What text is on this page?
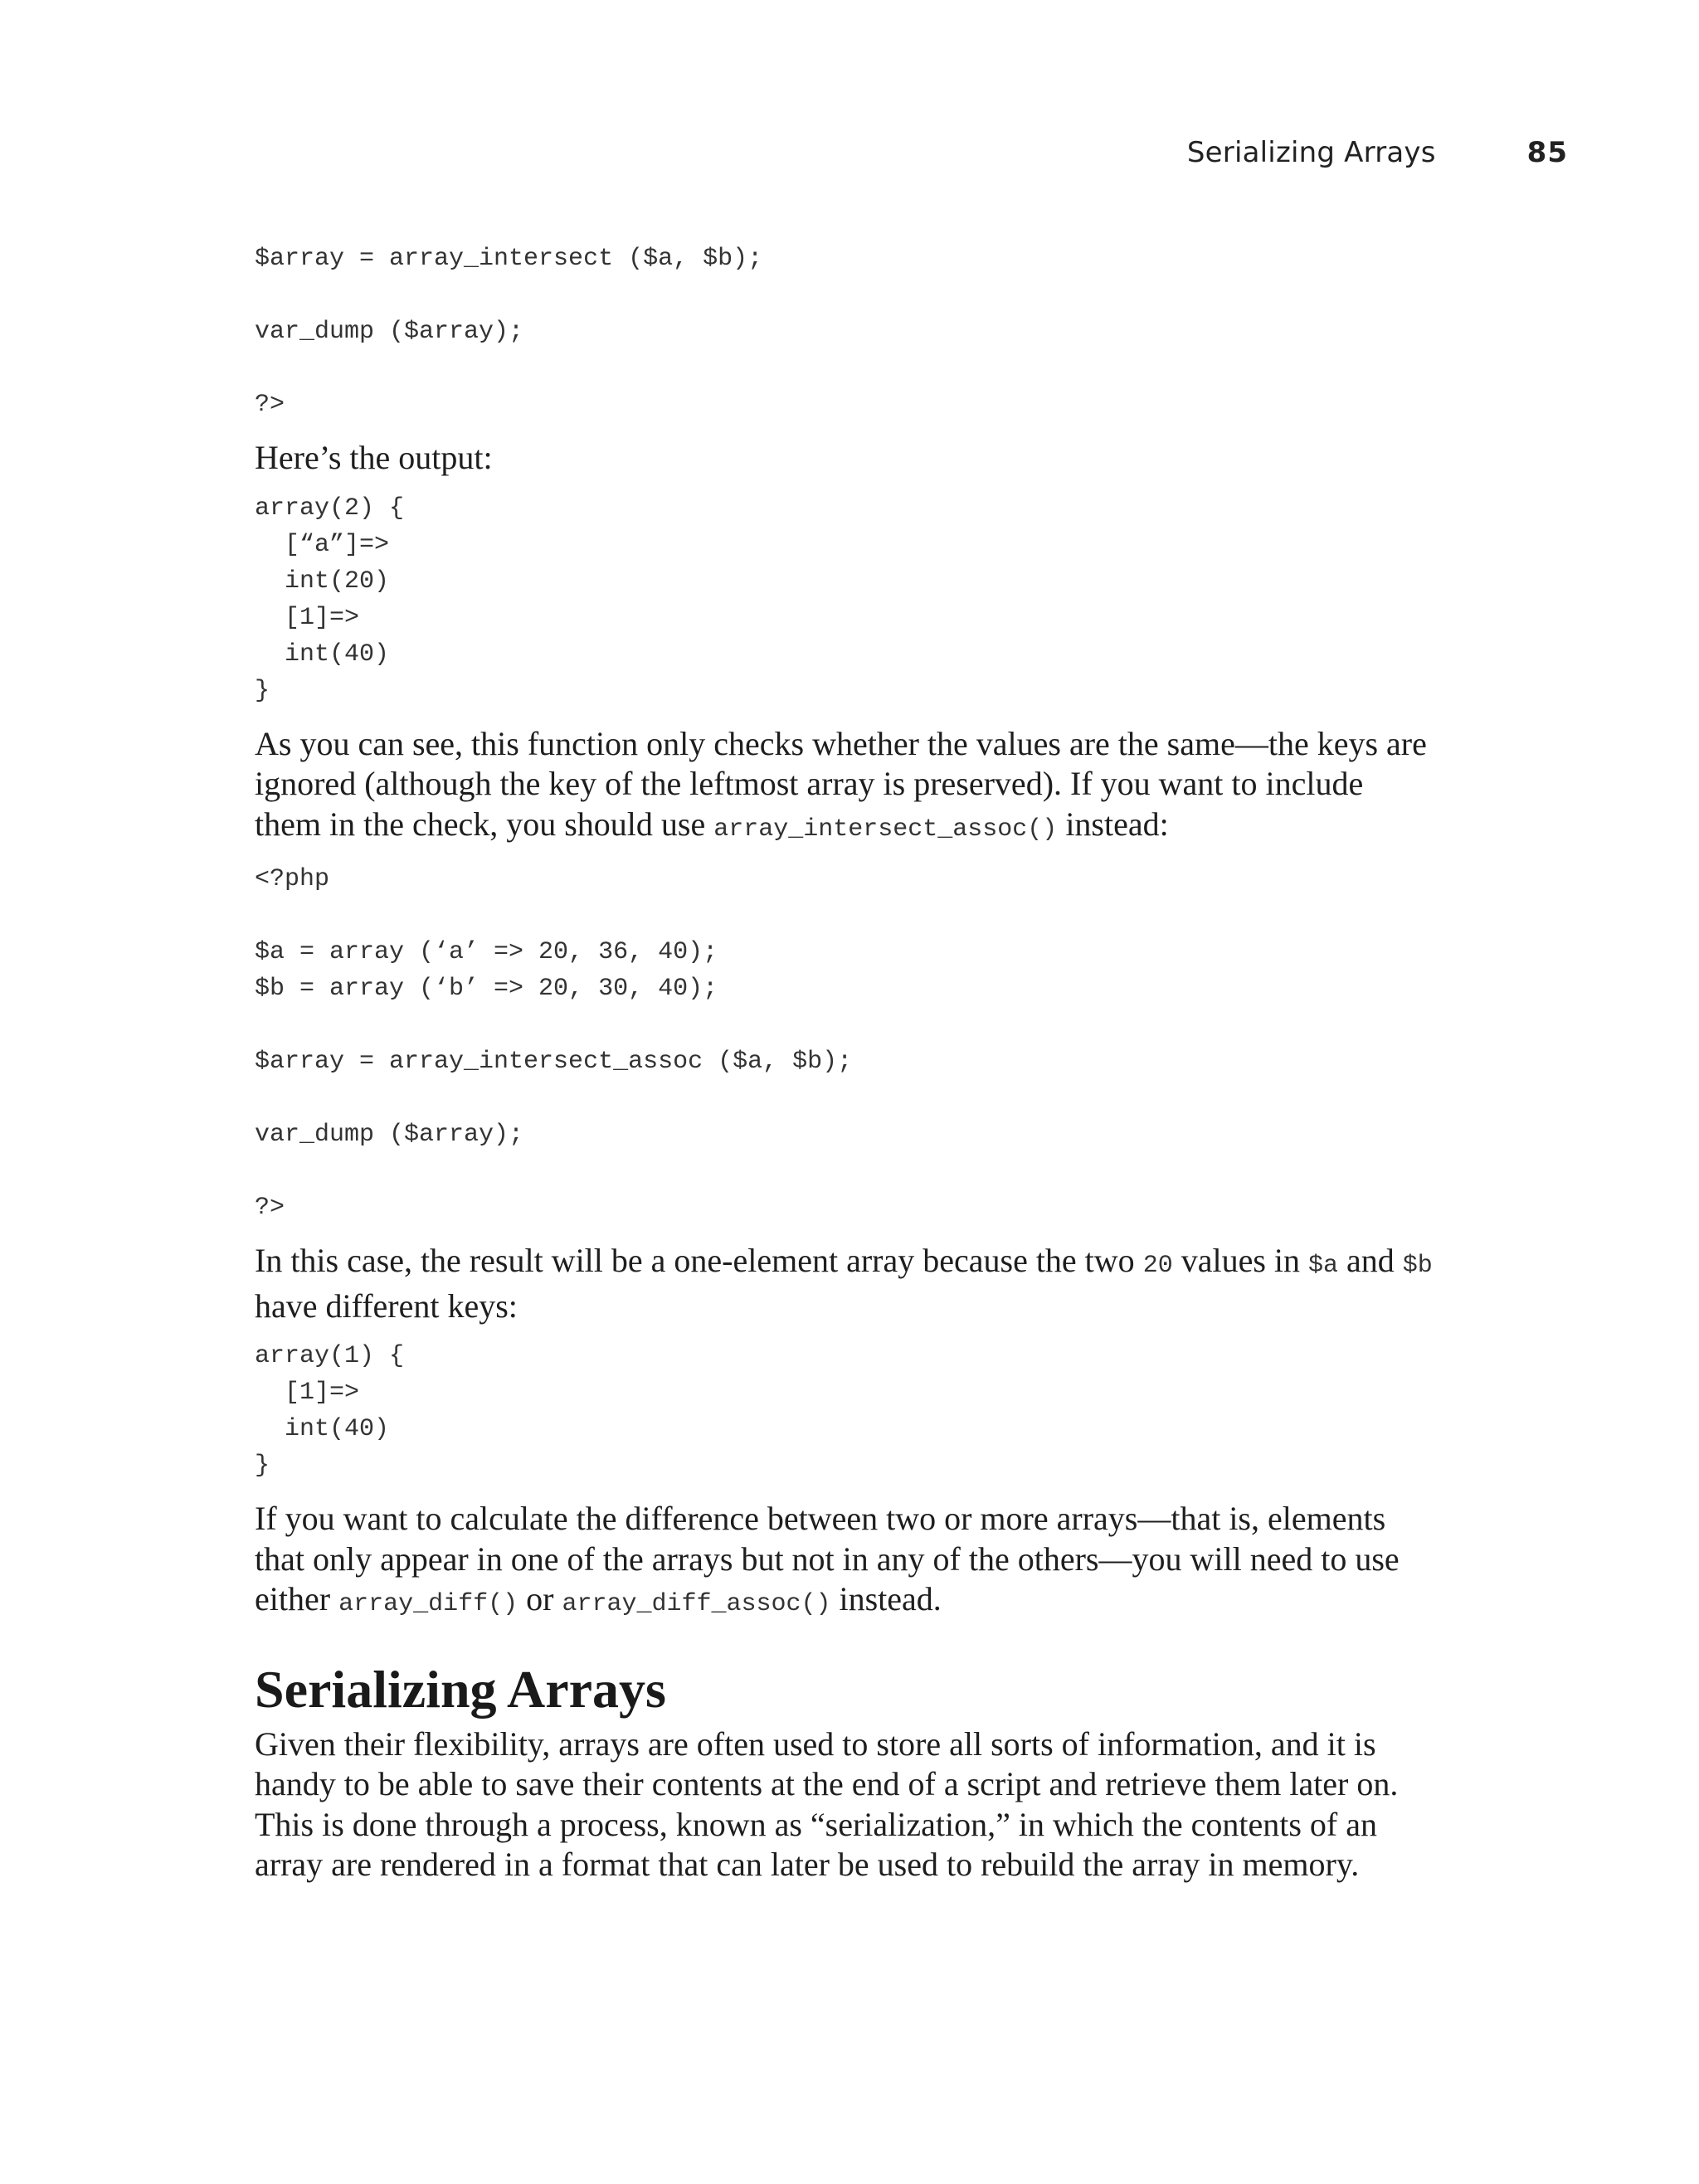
Serializing Arrays	85
$array = array_intersect ($a, $b);

var_dump ($array);

?>

Here’s the output:

array(2) {
[“a”]=>
int(20)
[1]=>
int(40)
}

As you can see, this function only checks whether the values are the same—the keys are ignored (although the key of the leftmost array is preserved). If you want to include them in the check, you should use array_intersect_assoc() instead:

<?php

$a = array (‘a’ => 20, 36, 40);
$b = array (‘b’ => 20, 30, 40);

$array = array_intersect_assoc ($a, $b);

var_dump ($array);

?>

In this case, the result will be a one-element array because the two 20 values in $a and $b have different keys:

array(1) {
[1]=>
int(40)
}

If you want to calculate the difference between two or more arrays—that is, elements that only appear in one of the arrays but not in any of the others—you will need to use either array_diff() or array_diff_assoc() instead.

Serializing Arrays

Given their flexibility, arrays are often used to store all sorts of information, and it is handy to be able to save their contents at the end of a script and retrieve them later on. This is done through a process, known as “serialization,” in which the contents of an array are rendered in a format that can later be used to rebuild the array in memory.
